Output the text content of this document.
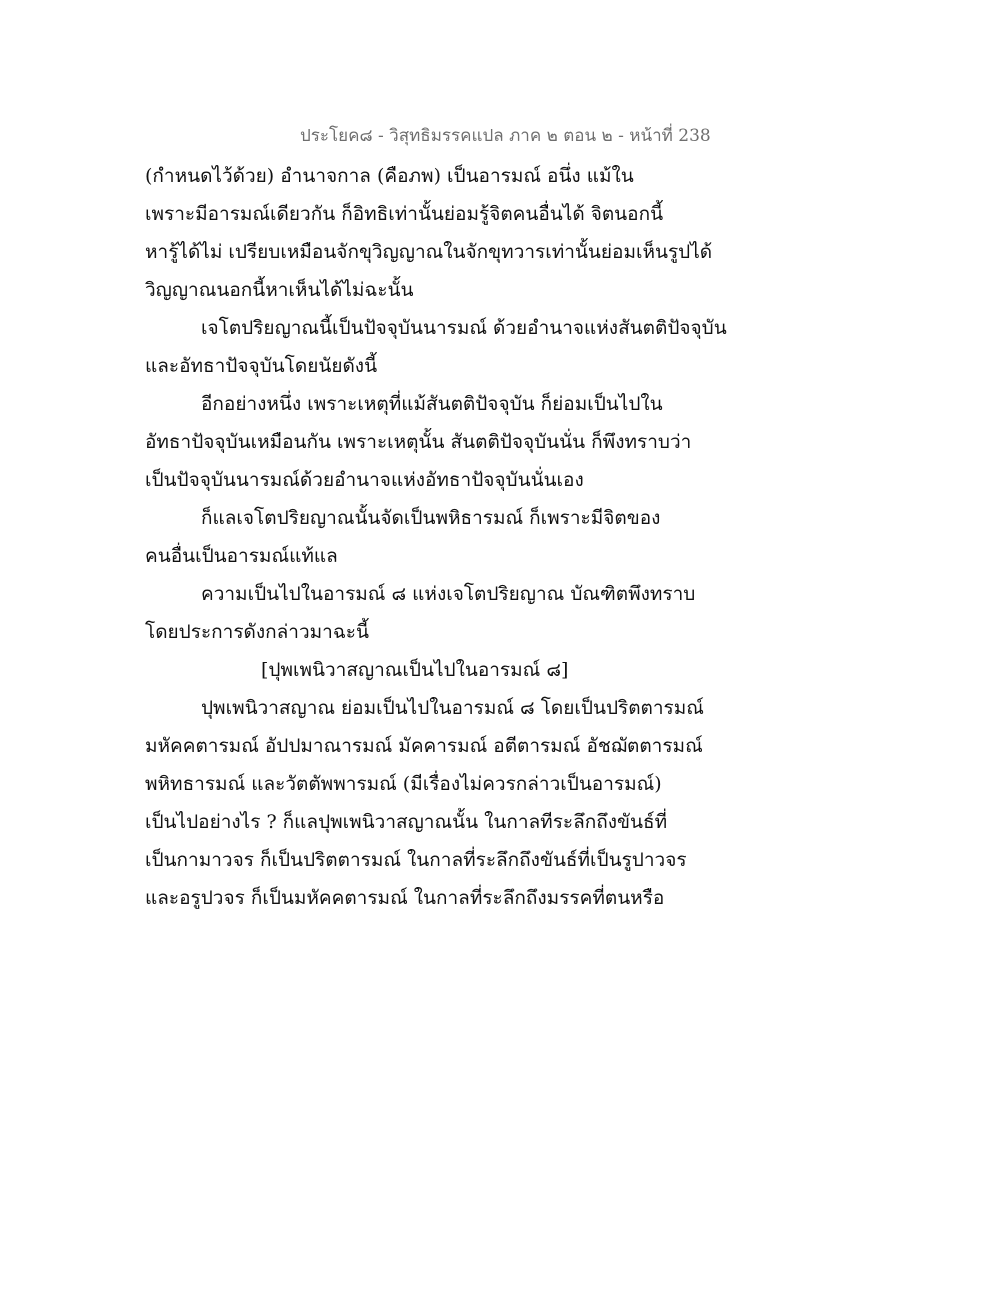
ประโยค๘ - วิสุทธิมรรคแปล ภาค ๒ ตอน ๒ - หน้าที่ 238
(กำหนดไว้ด้วย) อำนาจกาล (คือภพ) เป็นอารมณ์ อนึ่ง แม้ใน
เพราะมีอารมณ์เดียวกัน ก็อิทธิเท่านั้นย่อมรู้จิตคนอื่นได้ จิตนอกนี้
หารู้ได้ไม่ เปรียบเหมือนจักขุวิญญาณในจักขุทวารเท่านั้นย่อมเห็นรูปได้
วิญญาณนอกนี้หาเห็นได้ไม่ฉะนั้น
เจโตปริยญาณนี้เป็นปัจจุบันนารมณ์ ด้วยอำนาจแห่งสันตติปัจจุบัน
และอัทธาปัจจุบันโดยนัยดังนี้
อีกอย่างหนึ่ง เพราะเหตุที่แม้สันตติปัจจุบัน ก็ย่อมเป็นไปใน
อัทธาปัจจุบันเหมือนกัน เพราะเหตุนั้น สันตติปัจจุบันนั่น ก็พึงทราบว่า
เป็นปัจจุบันนารมณ์ด้วยอำนาจแห่งอัทธาปัจจุบันนั่นเอง
ก็แลเจโตปริยญาณนั้นจัดเป็นพหิธารมณ์ ก็เพราะมีจิตของ
คนอื่นเป็นอารมณ์แท้แล
ความเป็นไปในอารมณ์ ๘ แห่งเจโตปริยญาณ บัณฑิตพึงทราบ
โดยประการดังกล่าวมาฉะนี้
[ปุพเพนิวาสญาณเป็นไปในอารมณ์ ๘]
ปุพเพนิวาสญาณ ย่อมเป็นไปในอารมณ์ ๘ โดยเป็นปริตตารมณ์
มหัคคตารมณ์ อัปปมาณารมณ์ มัคคารมณ์ อตีตารมณ์ อัชฌัตตารมณ์
พหิทธารมณ์ และวัตตัพพารมณ์ (มีเรื่องไม่ควรกล่าวเป็นอารมณ์)
เป็นไปอย่างไร ? ก็แลปุพเพนิวาสญาณนั้น ในกาลทีระลึกถึงขันธ์ที่
เป็นกามาวจร ก็เป็นปริตตารมณ์ ในกาลที่ระลึกถึงขันธ์ที่เป็นรูปาวจร
และอรูปวจร ก็เป็นมหัคคตารมณ์ ในกาลที่ระลึกถึงมรรคที่ตนหรือ
